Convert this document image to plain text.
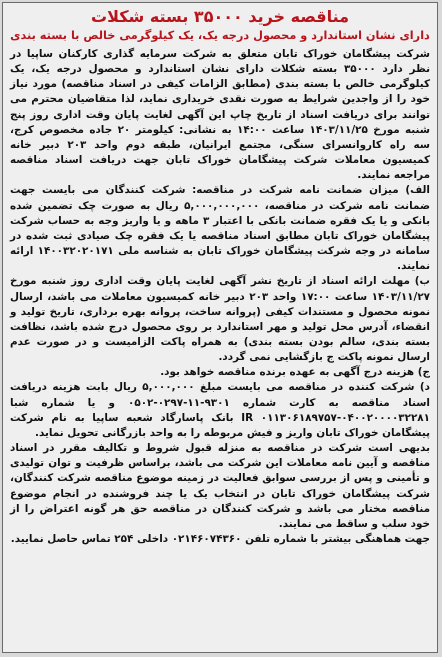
مناقصه خرید ۳۵۰۰۰ بسته شکلات
دارای نشان استاندارد و محصول درجه یک، یک کیلوگرمی خالص با بسته بندی

شرکت پیشگامان خوراک تابان متعلق به شرکت سرمایه گذاری کارکنان ساپیا در نظر دارد ۳۵۰۰۰ بسته شکلات دارای نشان استاندارد و محصول درجه یک، یک کیلوگرمی خالص با بسته بندی (مطابق الزامات کیفی در اسناد مناقصه) مورد نیاز خود را از واجدین شرایط به صورت نقدی خریداری نماید، لذا متقاضیان محترم می توانند برای دریافت اسناد از تاریخ چاپ این آگهی لغایت پایان وقت اداری روز پنج شنبه مورخ ۱۴۰۳/۱۱/۲۵ ساعت ۱۴:۰۰ به نشانی: کیلومتر ۲۰ جاده مخصوص کرج، سه راه کاروانسرای سنگی، مجتمع ایرانیان، طبقه دوم واحد ۲۰۳ دبیر خانه کمیسیون معاملات شرکت پیشگامان خوراک تابان جهت دریافت اسناد مناقصه مراجعه نمایند.

الف) میزان ضمانت نامه شرکت در مناقصه: شرکت کنندگان می بایست جهت ضمانت نامه شرکت در مناقصه، ۵,۰۰۰,۰۰۰,۰۰۰ ریال به صورت چک تضمین شده بانکی و یا یک فقره ضمانت بانکی با اعتبار ۳ ماهه و یا واریز وجه به حساب شرکت پیشگامان خوراک تابان مطابق اسناد مناقصه یا یک فقره چک صیادی ثبت شده در سامانه در وجه شرکت پیشگامان خوراک تابان به شناسه ملی ۱۴۰۰۳۲۰۲۰۱۷۱ ارائه نمایند.

ب) مهلت ارائه اسناد از تاریخ نشر آگهی لغایت پایان وقت اداری روز شنبه مورخ ۱۴۰۳/۱۱/۲۷ ساعت ۱۷:۰۰ واحد ۲۰۳ دبیر خانه کمیسیون معاملات می باشد، ارسال نمونه محصول و مستندات کیفی (پروانه ساخت، پروانه بهره برداری، تاریخ تولید و انقضاء، آدرس محل تولید و مهر استاندارد بر روی محصول درج شده باشد، نظافت بسته بندی، سالم بودن بسته بندی) به همراه پاکت الزامیست و در صورت عدم ارسال نمونه پاکت ج بازگشایی نمی گردد.

ج) هزینه درج آگهی به عهده برنده مناقصه خواهد بود.

د) شرکت کننده در مناقصه می بایست مبلغ ۵,۰۰۰,۰۰۰ ریال بابت هزینه دریافت اسناد مناقصه به کارت شماره ۹۳۰۱-۱۱-۰۲۹۷-۰۵۰۲ و یا شماره شبا ۰۴۰۰۲۰۰۰۰۳۲۲۸۱-۰۱۱۳۰۶۱۸۹۷۵۷ IR بانک پاسارگاد شعبه ساپیا به نام شرکت پیشگامان خوراک تابان واریز و فیش مربوطه را به واحد بازرگانی تحویل نماید.

بدیهی است شرکت در مناقصه به منزله قبول شروط و تکالیف مقرر در اسناد مناقصه و آیین نامه معاملات این شرکت می باشد، براساس ظرفیت و توان تولیدی و تأمینی و پس از بررسی سوابق فعالیت در زمینه موضوع مناقصه شرکت کنندگان، شرکت پیشگامان خوراک تابان در انتخاب یک یا چند فروشنده در انجام موضوع مناقصه مختار می باشد و شرکت کنندگان در مناقصه حق هر گونه اعتراض را از خود سلب و ساقط می نمایند.

جهت هماهنگی بیشتر با شماره تلفن ۰۲۱۴۶۰۷۴۳۶۰ داخلی ۲۵۴ تماس حاصل نمایید.
